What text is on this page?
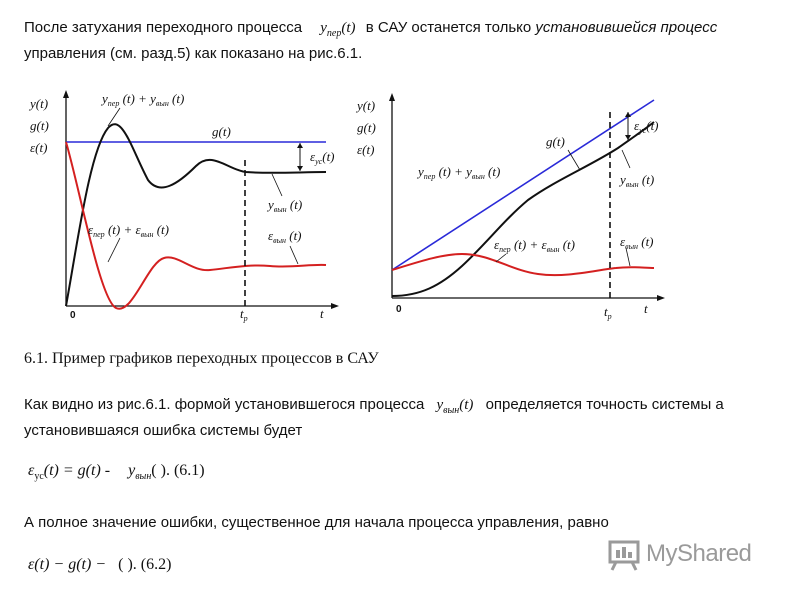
После затухания переходного процесса $y_{пер}(t)$ в САУ останется только установившейся процесс
управления (см. разд.5) как показано на рис.6.1.
y(t)
g(t)
ε(t)
$y_{пер}$ $(t) + y_{вын}$ (t)
g(t)
$\varepsilon_{ус}(t)$
$y_{вын}$ (t)
$\varepsilon_{пер}$ $(t) + \varepsilon_{вын}$ (t)	$\varepsilon_{вын}$ (t)
0	$t_p$	t
y(t)
g(t)
ε(t)
g(t)
$y_{пер}$ $(t) + y_{вын}$ (t)
$\varepsilon_{ус}(t)$
$y_{вын}$ (t)
$\varepsilon_{пер}$ $(t) + \varepsilon_{вын}$ (t)	$\varepsilon_{вын}$ (t)
0	$t_p$
t
6.1. Пример графиков переходных процессов в САУ
Как видно из рис.6.1. формой установившегося процесса $y_{вын}(t)$ определяется точность системы а
установившаяся ошибка системы будет
$\varepsilon_{ус}(t) = g(t) - y_{вын}$( ). (6.1)
А полное значение ошибки, существенное для начала процесса управления, равно
ε(t) − g(t) − ( ). (6.2)	MyShared
